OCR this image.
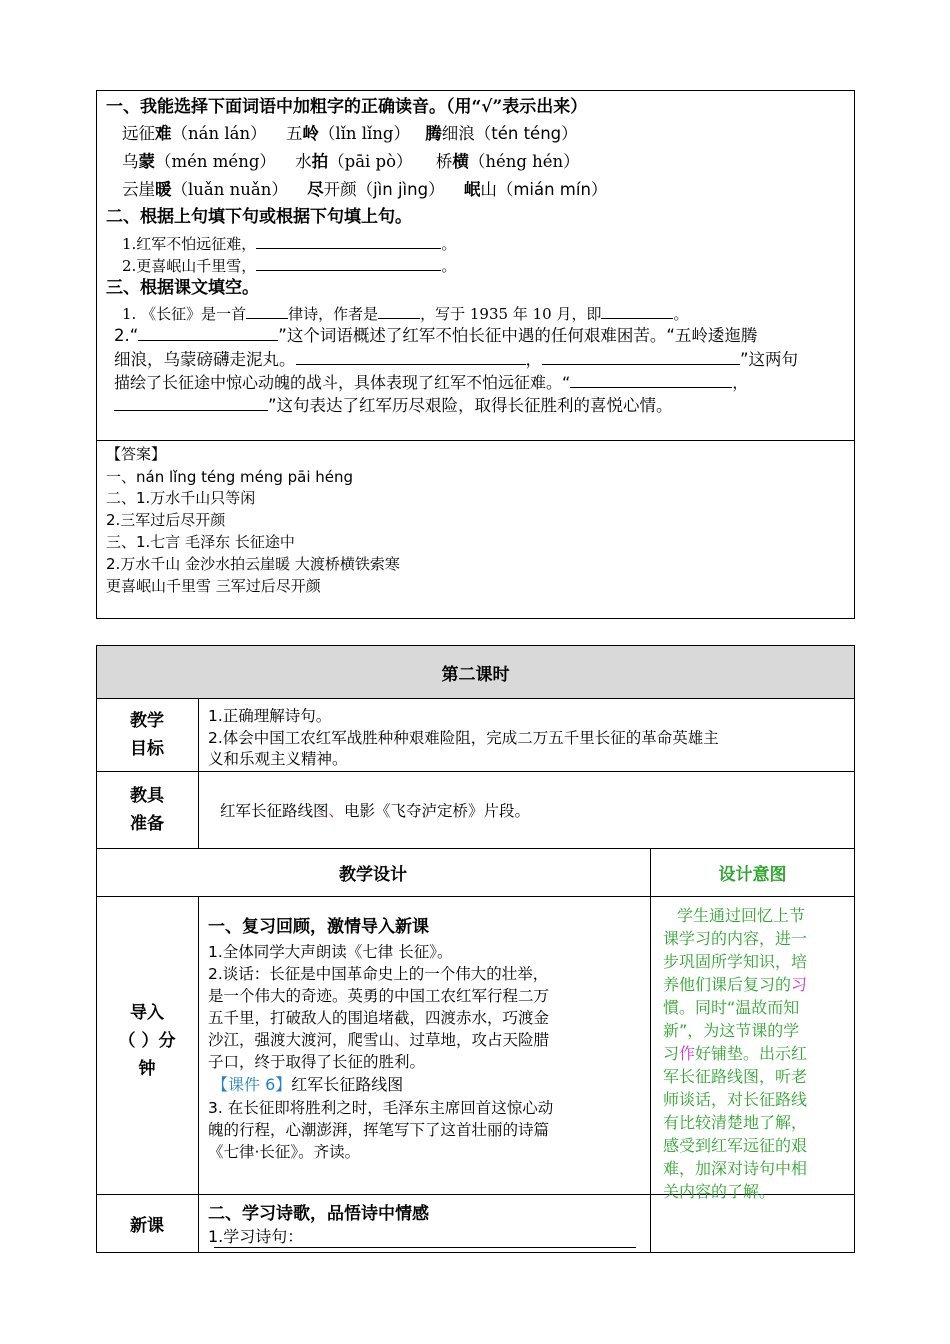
一、我能选择下面词语中加粗字的正确读音。（用“√”表示出来）
远征难（nán lán） 五岭（lǐn lǐng） 腾细浪（tén téng）
乌蒙（mén méng） 水拍（pāi pò） 桥横（héng hén）
云崖暖（luǎn nuǎn） 尽开颜（jìn jìng） 岷山（mián mín）
二、根据上句填下句或根据下句填上句。
1.红军不怕远征难，	。
2.更喜岷山千里雪，	。
三、根据课文填空。
1. 《长征》是一首	律诗，作者是	，写于 1935 年 10 月，即	。
2.“	”这个词语概述了红军不怕长征中遇的任何艰难困苦。“五岭逶迤腾
细浪，乌蒙磅礴走泥丸。	，	”这两句
描绘了长征途中惊心动魄的战斗，具体表现了红军不怕远征难。“	，
”这句表达了红军历尽艰险，取得长征胜利的喜悦心情。
【答案】
一、nán lǐng téng méng pāi héng
二、1.万水千山只等闲
2.三军过后尽开颜
三、1.七言 毛泽东 长征途中
2.万水千山 金沙水拍云崖暖 大渡桥横铁索寒
更喜岷山千里雪 三军过后尽开颜
第二课时
教学
目标
1.正确理解诗句。
2.体会中国工农红军战胜种种艰难险阻，完成二万五千里长征的革命英雄主
义和乐观主义精神。
教具
准备
红军长征路线图、电影《飞夺泸定桥》片段。
教学设计	设计意图
导入
（ ）分
钟
一、复习回顾，激情导入新课
1.全体同学大声朗读《七律 长征》。
2.谈话：长征是中国革命史上的一个伟大的壮举，
是一个伟大的奇迹。英勇的中国工农红军行程二万
五千里，打破敌人的围追堵截，四渡赤水，巧渡金
沙江，强渡大渡河，爬雪山、过草地，攻占天险腊
子口，终于取得了长征的胜利。
【课件 6】红军长征路线图
3. 在长征即将胜利之时，毛泽东主席回首这惊心动
魄的行程，心潮澎湃，挥笔写下了这首壮丽的诗篇
《七律·长征》。齐读。
学生通过回忆上节
课学习的内容，进一
步巩固所学知识，培
养他们课后复习的习
慣。同时“温故而知
新”，为这节课的学
习作好铺垫。出示红
军长征路线图，听老
师谈话，对长征路线
有比较清楚地了解，
感受到红军远征的艰
难，加深对诗句中相
关内容的了解。
新课
二、学习诗歌，品悟诗中情感
1.学习诗句：
